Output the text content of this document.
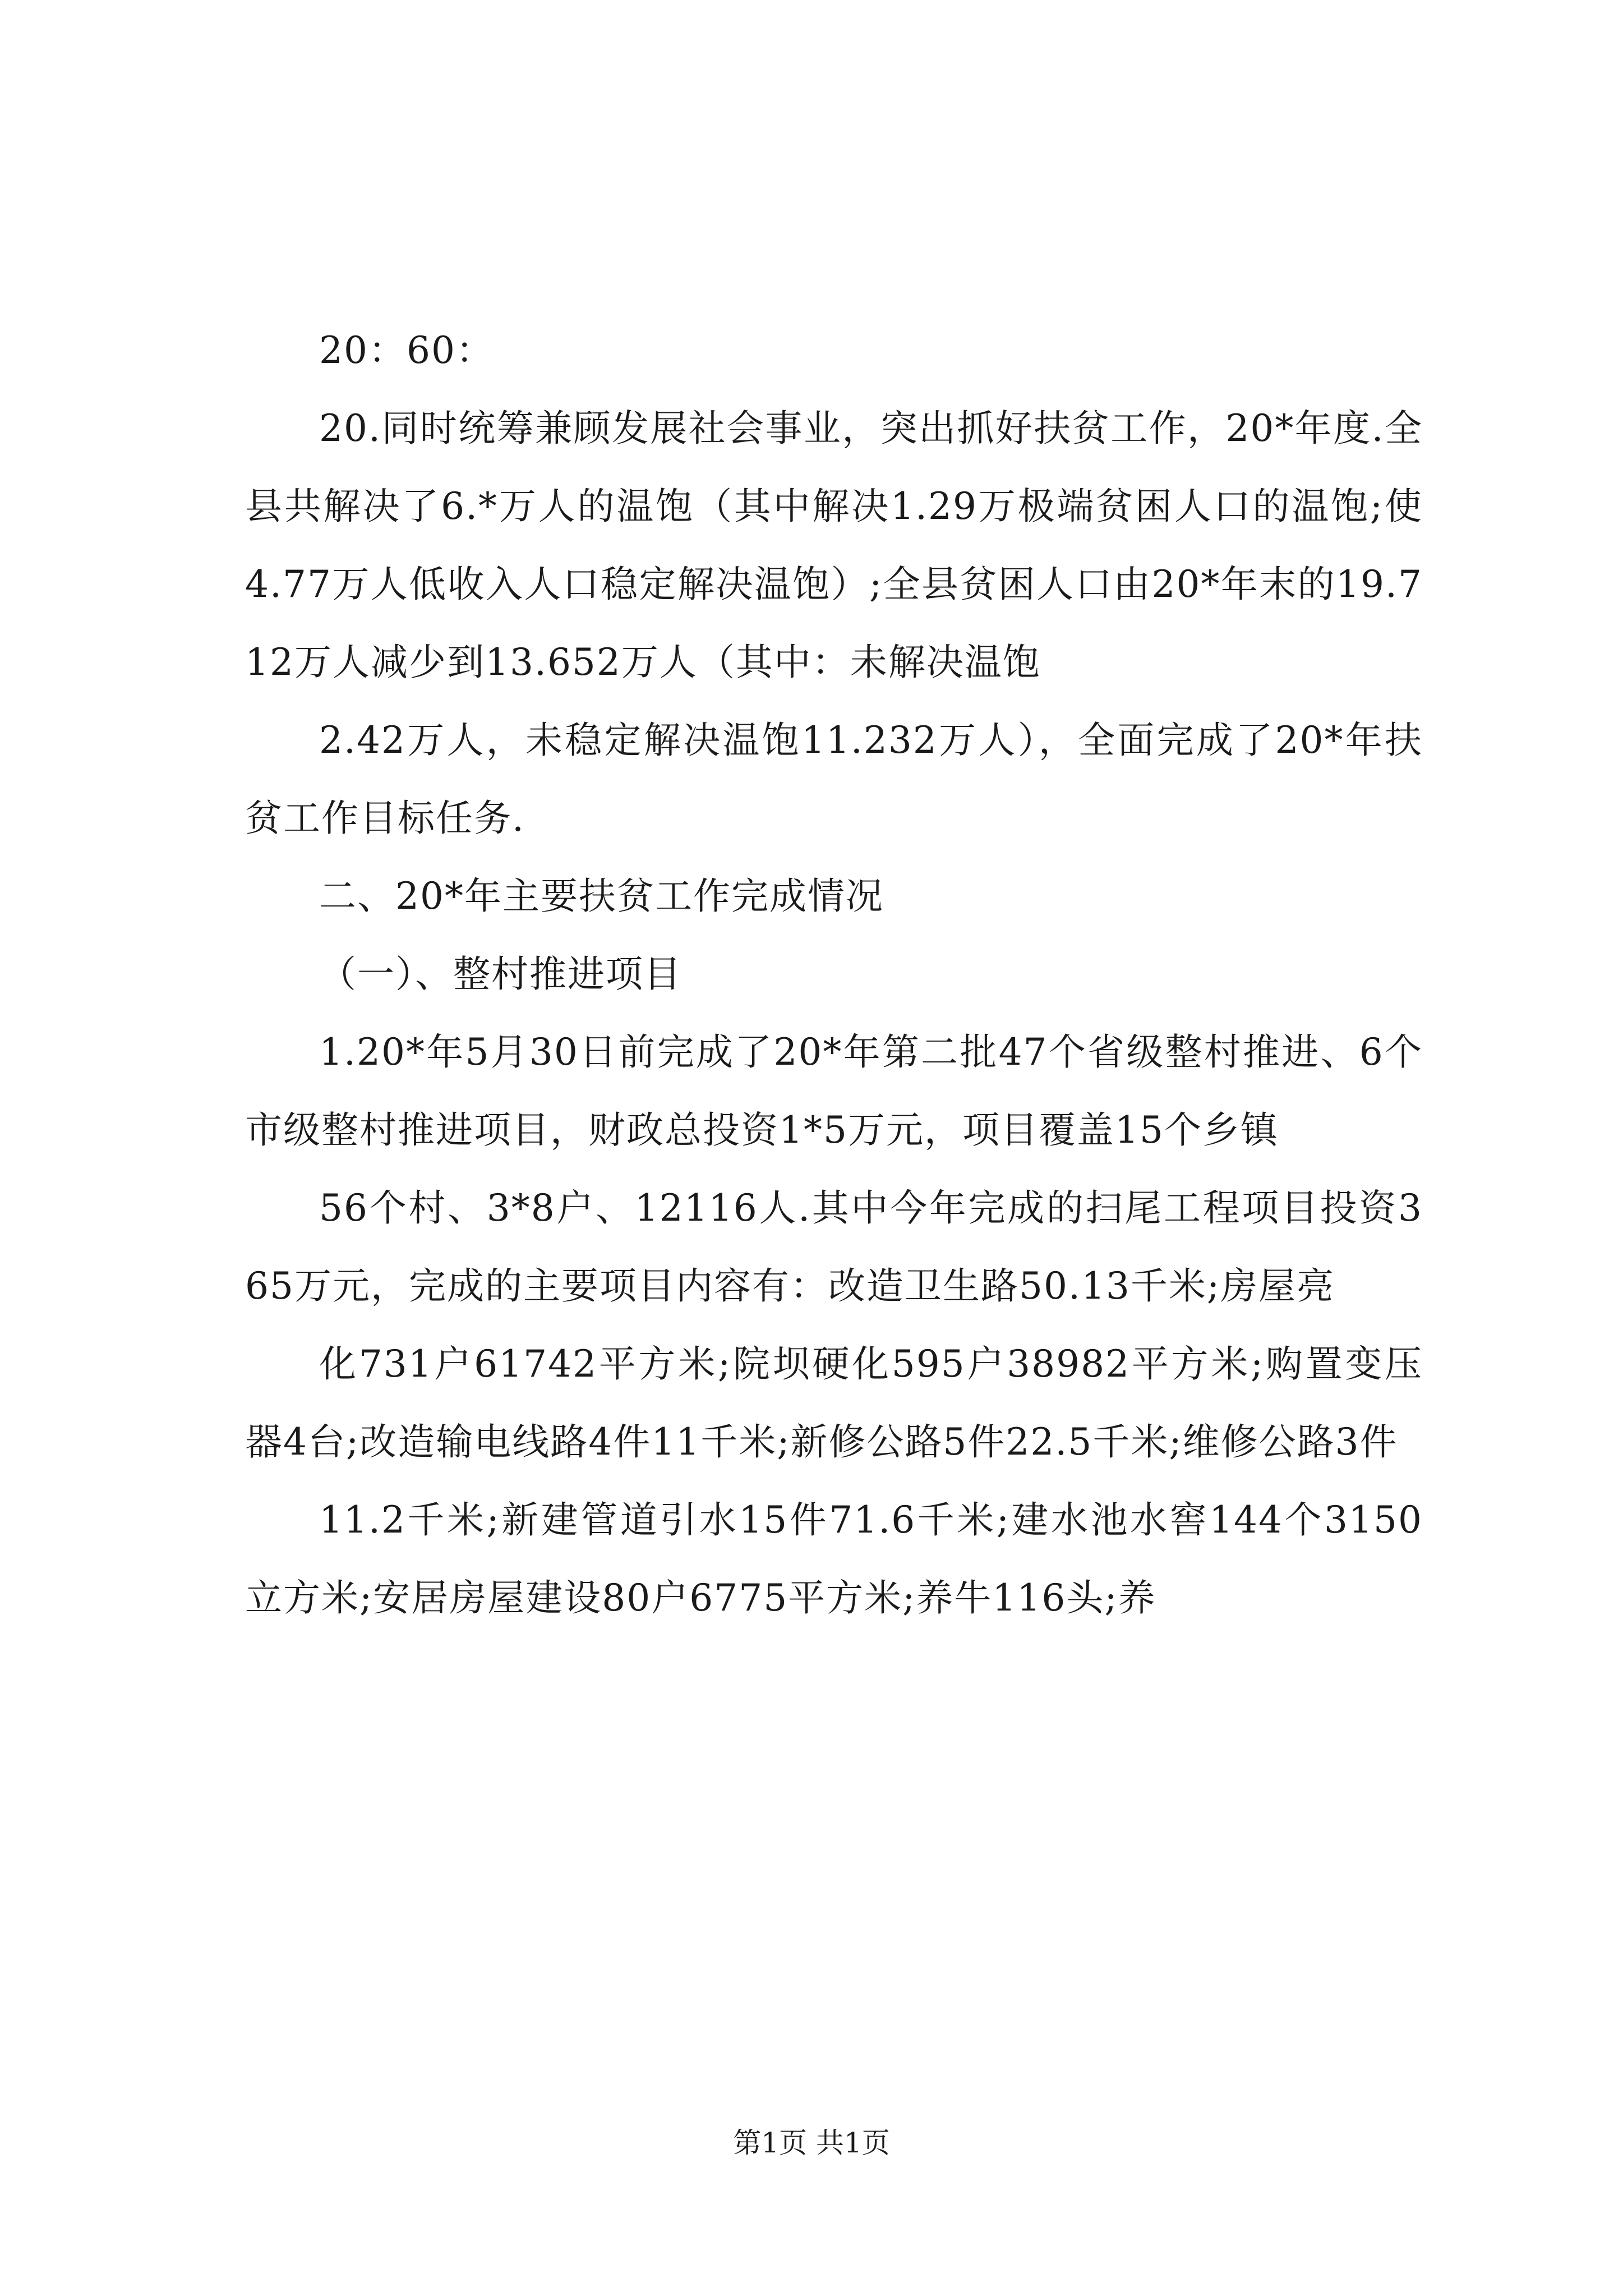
20：60：

20.同时统筹兼顾发展社会事业，突出抓好扶贫工作，20*年度.全县共解决了6.*万人的温饱（其中解决1.29万极端贫困人口的温饱;使4.77万人低收入人口稳定解决温饱）;全县贫困人口由20*年末的19.712万人减少到13.652万人（其中：未解决温饱

2.42万人，未稳定解决温饱11.232万人），全面完成了20*年扶贫工作目标任务.

二、20*年主要扶贫工作完成情况

（一）、整村推进项目

1.20*年5月30日前完成了20*年第二批47个省级整村推进、6个市级整村推进项目，财政总投资1*5万元，项目覆盖15个乡镇

56个村、3*8户、12116人.其中今年完成的扫尾工程项目投资365万元，完成的主要项目内容有：改造卫生路50.13千米;房屋亮

化731户61742平方米;院坝硬化595户38982平方米;购置变压器4台;改造输电线路4件11千米;新修公路5件22.5千米;维修公路3件

11.2千米;新建管道引水15件71.6千米;建水池水窖144个3150立方米;安居房屋建设80户6775平方米;养牛116头;养

第1页 共1页
